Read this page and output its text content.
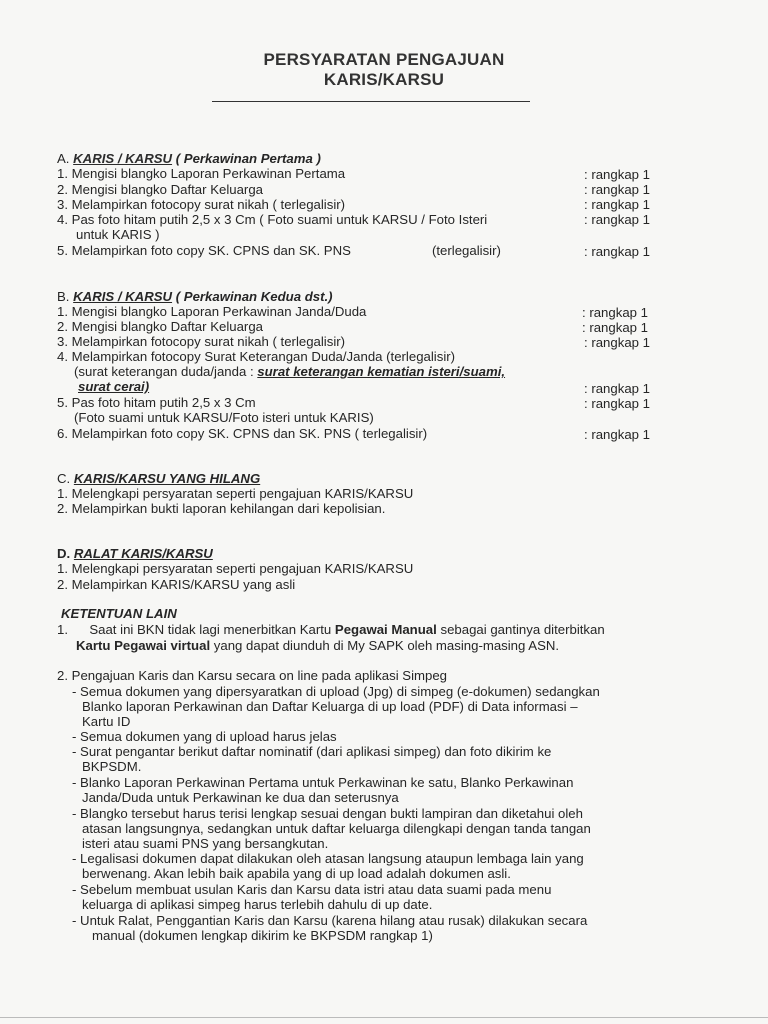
PERSYARATAN PENGAJUAN
KARIS/KARSU
A. KARIS / KARSU ( Perkawinan Pertama )
1. Mengisi blangko Laporan Perkawinan Pertama
2. Mengisi blangko Daftar Keluarga
3. Melampirkan fotocopy surat nikah ( terlegalisir)
4. Pas foto hitam putih 2,5 x 3 Cm ( Foto suami untuk KARSU / Foto Isteri
untuk KARIS )
5. Melampirkan foto copy SK. CPNS dan SK. PNS	(terlegalisir)
: rangkap 1
: rangkap 1
: rangkap 1
: rangkap 1
: rangkap 1
B. KARIS / KARSU ( Perkawinan Kedua dst.)
1. Mengisi blangko Laporan Perkawinan Janda/Duda
2. Mengisi blangko Daftar Keluarga
3. Melampirkan fotocopy surat nikah ( terlegalisir)
4. Melampirkan fotocopy Surat Keterangan Duda/Janda (terlegalisir)
(surat keterangan duda/janda : surat keterangan kematian isteri/suami,
surat cerai)
5. Pas foto hitam putih 2,5 x 3 Cm
(Foto suami untuk KARSU/Foto isteri untuk KARIS)
6. Melampirkan foto copy SK. CPNS dan SK. PNS ( terlegalisir)
: rangkap 1
: rangkap 1
: rangkap 1
: rangkap 1
: rangkap 1
: rangkap 1
C. KARIS/KARSU YANG HILANG
1. Melengkapi persyaratan seperti pengajuan KARIS/KARSU
2. Melampirkan bukti laporan kehilangan dari kepolisian.
D. RALAT KARIS/KARSU
1. Melengkapi persyaratan seperti pengajuan KARIS/KARSU
2. Melampirkan KARIS/KARSU yang asli
KETENTUAN LAIN
1. Saat ini BKN tidak lagi menerbitkan Kartu Pegawai Manual sebagai gantinya diterbitkan
Kartu Pegawai virtual yang dapat diunduh di My SAPK oleh masing-masing ASN.
2. Pengajuan Karis dan Karsu secara on line pada aplikasi Simpeg
- Semua dokumen yang dipersyaratkan di upload (Jpg) di simpeg (e-dokumen) sedangkan
Blanko laporan Perkawinan dan Daftar Keluarga di up load (PDF) di Data informasi –
Kartu ID
- Semua dokumen yang di upload harus jelas
- Surat pengantar berikut daftar nominatif (dari aplikasi simpeg) dan foto dikirim ke
BKPSDM.
- Blanko Laporan Perkawinan Pertama untuk Perkawinan ke satu, Blanko Perkawinan
Janda/Duda untuk Perkawinan ke dua dan seterusnya
- Blangko tersebut harus terisi lengkap sesuai dengan bukti lampiran dan diketahui oleh
atasan langsungnya, sedangkan untuk daftar keluarga dilengkapi dengan tanda tangan
isteri atau suami PNS yang bersangkutan.
- Legalisasi dokumen dapat dilakukan oleh atasan langsung ataupun lembaga lain yang
berwenang. Akan lebih baik apabila yang di up load adalah dokumen asli.
- Sebelum membuat usulan Karis dan Karsu data istri atau data suami pada menu
keluarga di aplikasi simpeg harus terlebih dahulu di up date.
- Untuk Ralat, Penggantian Karis dan Karsu (karena hilang atau rusak) dilakukan secara
manual (dokumen lengkap dikirim ke BKPSDM rangkap 1)
